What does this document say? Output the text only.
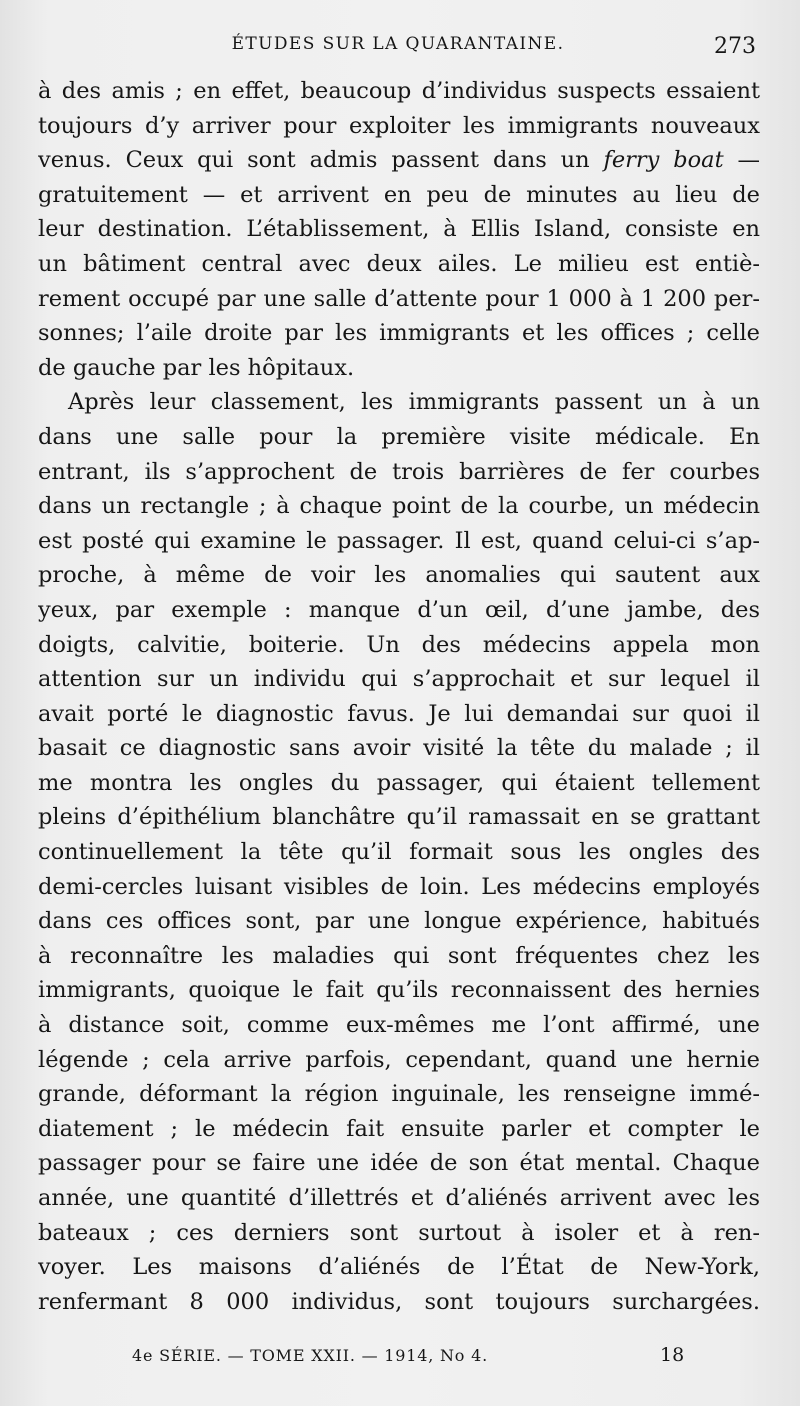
ÉTUDES SUR LA QUARANTAINE.	273
à des amis ; en effet, beaucoup d’individus suspects essaient
toujours d’y arriver pour exploiter les immigrants nouveaux
venus. Ceux qui sont admis passent dans un ferry boat —
gratuitement — et arrivent en peu de minutes au lieu de
leur destination. L’établissement, à Ellis Island, consiste en
un bâtiment central avec deux ailes. Le milieu est entiè-
rement occupé par une salle d’attente pour 1 000 à 1 200 per-
sonnes; l’aile droite par les immigrants et les offices ; celle
de gauche par les hôpitaux.
Après leur classement, les immigrants passent un à un
dans une salle pour la première visite médicale. En
entrant, ils s’approchent de trois barrières de fer courbes
dans un rectangle ; à chaque point de la courbe, un médecin
est posté qui examine le passager. Il est, quand celui-ci s’ap-
proche, à même de voir les anomalies qui sautent aux
yeux, par exemple : manque d’un œil, d’une jambe, des
doigts, calvitie, boiterie. Un des médecins appela mon
attention sur un individu qui s’approchait et sur lequel il
avait porté le diagnostic favus. Je lui demandai sur quoi il
basait ce diagnostic sans avoir visité la tête du malade ; il
me montra les ongles du passager, qui étaient tellement
pleins d’épithélium blanchâtre qu’il ramassait en se grattant
continuellement la tête qu’il formait sous les ongles des
demi-cercles luisant visibles de loin. Les médecins employés
dans ces offices sont, par une longue expérience, habitués
à reconnaître les maladies qui sont fréquentes chez les
immigrants, quoique le fait qu’ils reconnaissent des hernies
à distance soit, comme eux-mêmes me l’ont affirmé, une
légende ; cela arrive parfois, cependant, quand une hernie
grande, déformant la région inguinale, les renseigne immé-
diatement ; le médecin fait ensuite parler et compter le
passager pour se faire une idée de son état mental. Chaque
année, une quantité d’illettrés et d’aliénés arrivent avec les
bateaux ; ces derniers sont surtout à isoler et à ren-
voyer. Les maisons d’aliénés de l’État de New-York,
renfermant 8 000 individus, sont toujours surchargées.
4e SÉRIE. — TOME XXII. — 1914, No 4.	18
